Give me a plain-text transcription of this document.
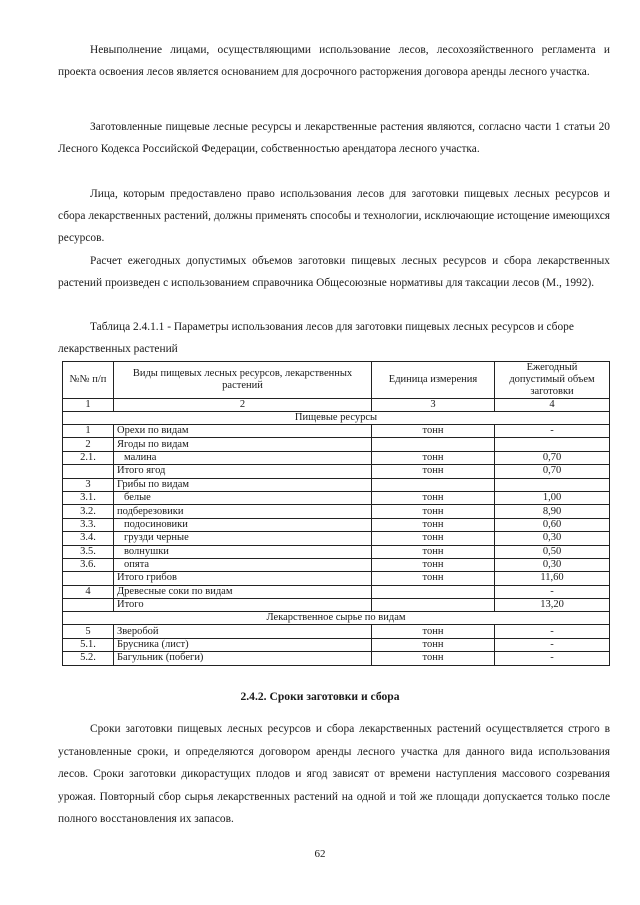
Невыполнение лицами, осуществляющими использование лесов, лесохозяйственного регламента и проекта освоения лесов является основанием для досрочного расторжения договора аренды лесного участка.

Заготовленные пищевые лесные ресурсы и лекарственные растения являются, согласно части 1 статьи 20 Лесного Кодекса Российской Федерации, собственностью арендатора лесного участка.

Лица, которым предоставлено право использования лесов для заготовки пищевых лесных ресурсов и сбора лекарственных растений, должны применять способы и технологии, исключающие истощение имеющихся ресурсов.

Расчет ежегодных допустимых объемов заготовки пищевых лесных ресурсов и сбора лекарственных растений произведен с использованием справочника Общесоюзные нормативы для таксации лесов (М., 1992).

Таблица 2.4.1.1 - Параметры использования лесов для заготовки пищевых лесных ресурсов и сборе лекарственных растений

№№ п/п	Виды пищевых лесных ресурсов, лекарственных растений	Единица измерения	Ежегодный допустимый объем заготовки
1	2	3	4
Пищевые ресурсы			
1	Орехи по видам	тонн	-
2	Ягоды по видам		
2.1.	малина	тонн	0,70
	Итого ягод	тонн	0,70
3	Грибы по видам		
3.1.	белые	тонн	1,00
3.2.	подберезовики	тонн	8,90
3.3.	подосиновики	тонн	0,60
3.4.	грузди черные	тонн	0,30
3.5.	волнушки	тонн	0,50
3.6.	опята	тонн	0,30
	Итого грибов	тонн	11,60
4	Древесные соки по видам		-
	Итого		13,20
Лекарственное сырье по видам			
5	Зверобой	тонн	-
5.1.	Брусника (лист)	тонн	-
5.2.	Багульник (побеги)	тонн	-

2.4.2. Сроки заготовки и сбора

Сроки заготовки пищевых лесных ресурсов и сбора лекарственных растений осуществляется строго в установленные сроки, и определяются договором аренды лесного участка для данного вида использования лесов. Сроки заготовки дикорастущих плодов и ягод зависят от времени наступления массового созревания урожая. Повторный сбор сырья лекарственных растений на одной и той же площади допускается только после полного восстановления их запасов.

62
